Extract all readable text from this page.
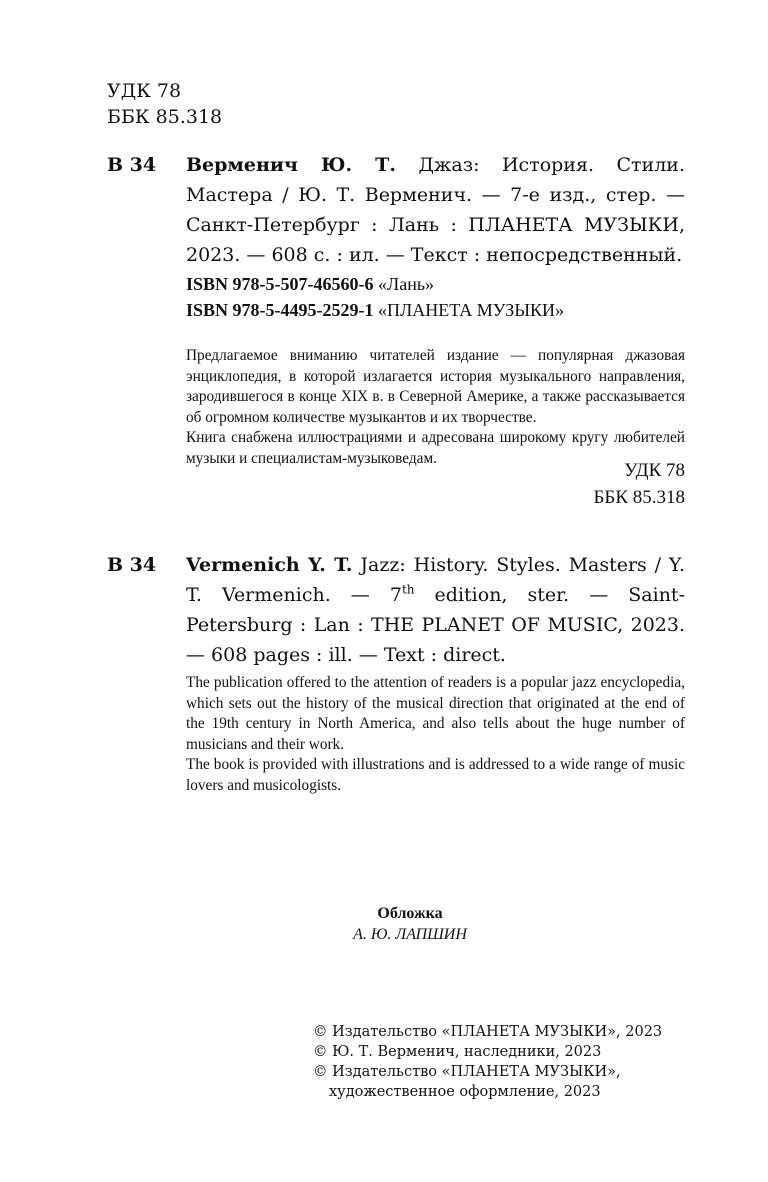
УДК 78
ББК 85.318
В 34 Верменич Ю. Т. Джаз: История. Стили. Мастера / Ю. Т. Верменич. — 7-е изд., стер. — Санкт-Петербург : Лань : ПЛАНЕТА МУЗЫКИ, 2023. — 608 с. : ил. — Текст : непосредственный.
ISBN 978-5-507-46560-6 «Лань»
ISBN 978-5-4495-2529-1 «ПЛАНЕТА МУЗЫКИ»

Предлагаемое вниманию читателей издание — популярная джазовая энциклопедия, в которой излагается история музыкального направления, зародившегося в конце XIX в. в Северной Америке, а также рассказывается об огромном количестве музыкантов и их творчестве.

Книга снабжена иллюстрациями и адресована широкому кругу любителей музыки и специалистам-музыковедам.

УДК 78
ББК 85.318
В 34 Vermenich Y. T. Jazz: History. Styles. Masters / Y. T. Vermenich. — 7th edition, ster. — Saint-Petersburg : Lan : THE PLANET OF MUSIC, 2023. — 608 pages : ill. — Text : direct.

The publication offered to the attention of readers is a popular jazz encyclopedia, which sets out the history of the musical direction that originated at the end of the 19th century in North America, and also tells about the huge number of musicians and their work.

The book is provided with illustrations and is addressed to a wide range of music lovers and musicologists.

Обложка
А. Ю. ЛАПШИН
© Издательство «ПЛАНЕТА МУЗЫКИ», 2023
© Ю. Т. Верменич, наследники, 2023
© Издательство «ПЛАНЕТА МУЗЫКИ»,
художественное оформление, 2023
